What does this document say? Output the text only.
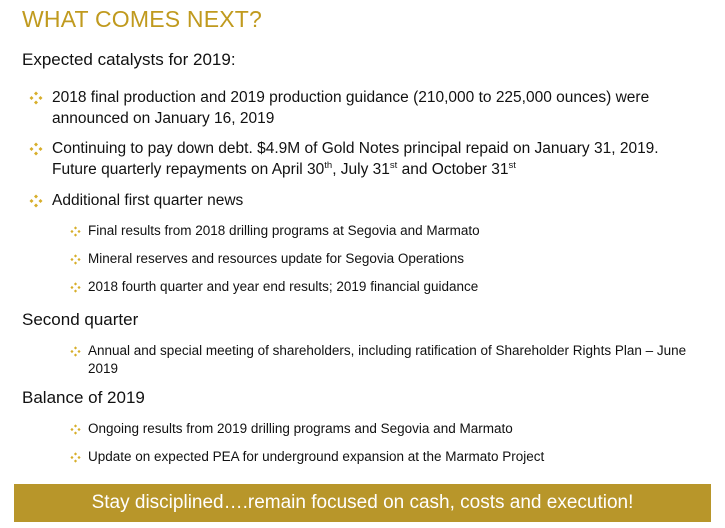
WHAT COMES NEXT?
Expected catalysts for 2019:
2018 final production and 2019 production guidance (210,000 to 225,000 ounces) were announced on January 16, 2019
Continuing to pay down debt. $4.9M of Gold Notes principal repaid on January 31, 2019.
Future quarterly repayments on April 30th, July 31st and October 31st
Additional first quarter news
Final results from 2018 drilling programs at Segovia and Marmato
Mineral reserves and resources update for Segovia Operations
2018 fourth quarter and year end results; 2019 financial guidance
Second quarter
Annual and special meeting of shareholders, including ratification of Shareholder Rights Plan – June 2019
Balance of 2019
Ongoing results from 2019 drilling programs and Segovia and Marmato
Update on expected PEA for underground expansion at the Marmato Project
Stay disciplined….remain focused on cash, costs and execution!
